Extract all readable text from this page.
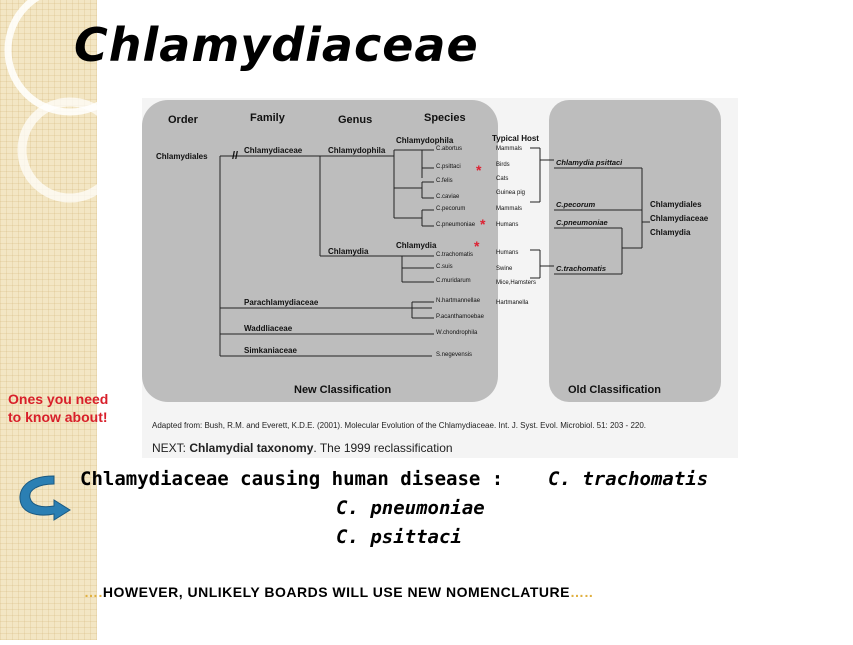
Chlamydiaceae
Order	Family	Genus	Species
Chlamydiales // Chlamydiaceae
Parachlamydiaceae
Waddliaceae
Simkaniaceae
Chlamydophila
Chlamydia
Chlamydophila
Chlamydia
C.abortus
C.psittaci
C.felis
C.caviae
C.pecorum
C.pneumoniae
C.trachomatis
C.suis
C.muridarum
N.hartmannellae
P.acanthamoebae
W.chondrophila
S.negevensis
*
*
*
Typical Host
Mammals
Birds
Cats
Guinea pig
Mammals
Humans
Humans
Swine
Mice,Hamsters
Hartmanella
Chlamydia psittaci
C.pecorum
C.pneumoniae
C.trachomatis
Chlamydiales
Chlamydiaceae
Chlamydia
New Classification	Old Classification
Adapted from: Bush, R.M. and Everett, K.D.E. (2001). Molecular Evolution of the Chlamydiaceae. Int. J. Syst. Evol. Microbiol. 51: 203 - 220.
NEXT: Chlamydial taxonomy. The 1999 reclassification
Ones you need
to know about!
Chlamydiaceae causing human disease : C. trachomatis
C. pneumoniae
C. psittaci
….HOWEVER, UNLIKELY BOARDS WILL USE NEW NOMENCLATURE…..
